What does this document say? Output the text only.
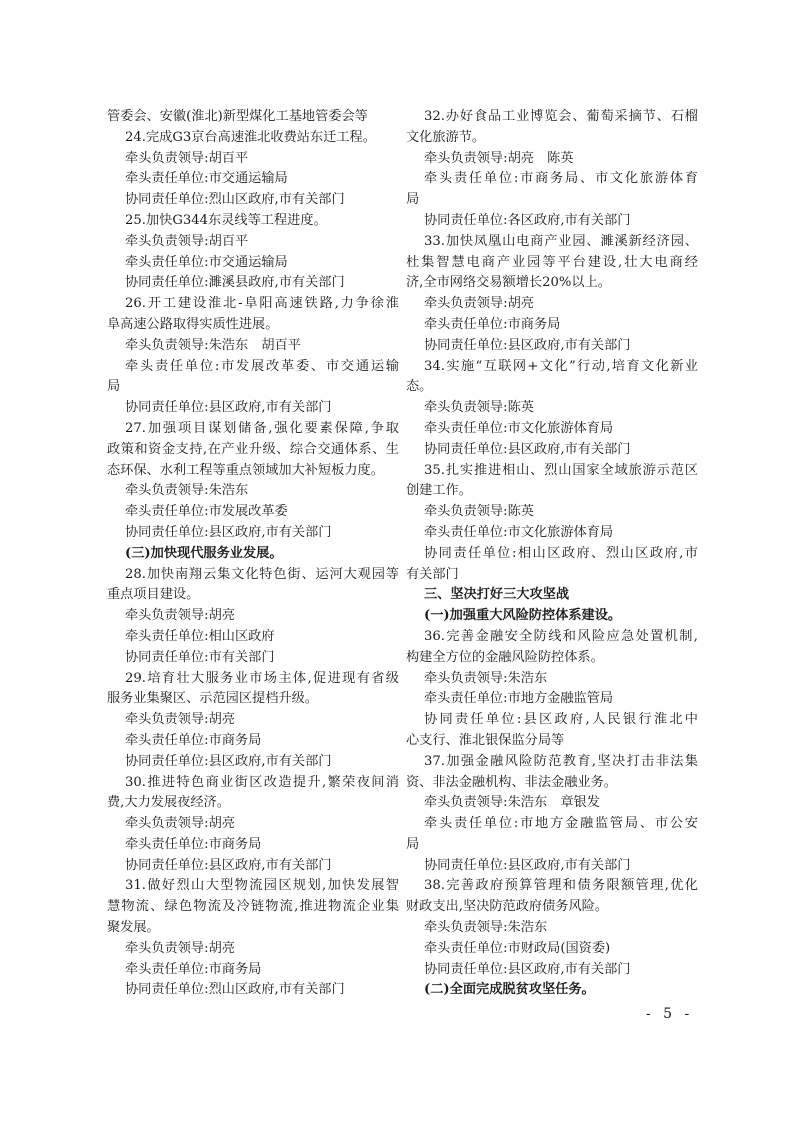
管委会、安徽(淮北)新型煤化工基地管委会等
24.完成G3京台高速淮北收费站东迁工程。
牵头负责领导:胡百平
牵头责任单位:市交通运输局
协同责任单位:烈山区政府,市有关部门
25.加快G344东灵线等工程进度。
牵头负责领导:胡百平
牵头责任单位:市交通运输局
协同责任单位:濉溪县政府,市有关部门
26.开工建设淮北-阜阳高速铁路,力争徐淮
阜高速公路取得实质性进展。
牵头负责领导:朱浩东　胡百平
牵头责任单位:市发展改革委、市交通运输
局
协同责任单位:县区政府,市有关部门
27.加强项目谋划储备,强化要素保障,争取
政策和资金支持,在产业升级、综合交通体系、生
态环保、水利工程等重点领域加大补短板力度。
牵头负责领导:朱浩东
牵头责任单位:市发展改革委
协同责任单位:县区政府,市有关部门
(三)加快现代服务业发展。
28.加快南翔云集文化特色街、运河大观园等
重点项目建设。
牵头负责领导:胡亮
牵头责任单位:相山区政府
协同责任单位:市有关部门
29.培育壮大服务业市场主体,促进现有省级
服务业集聚区、示范园区提档升级。
牵头负责领导:胡亮
牵头责任单位:市商务局
协同责任单位:县区政府,市有关部门
30.推进特色商业街区改造提升,繁荣夜间消
费,大力发展夜经济。
牵头负责领导:胡亮
牵头责任单位:市商务局
协同责任单位:县区政府,市有关部门
31.做好烈山大型物流园区规划,加快发展智
慧物流、绿色物流及冷链物流,推进物流企业集
聚发展。
牵头负责领导:胡亮
牵头责任单位:市商务局
协同责任单位:烈山区政府,市有关部门
32.办好食品工业博览会、葡萄采摘节、石榴
文化旅游节。
牵头负责领导:胡亮　陈英
牵头责任单位:市商务局、市文化旅游体育
局
协同责任单位:各区政府,市有关部门
33.加快凤凰山电商产业园、濉溪新经济园、
杜集智慧电商产业园等平台建设,壮大电商经
济,全市网络交易额增长20%以上。
牵头负责领导:胡亮
牵头责任单位:市商务局
协同责任单位:县区政府,市有关部门
34.实施“互联网+文化”行动,培育文化新业
态。
牵头负责领导:陈英
牵头责任单位:市文化旅游体育局
协同责任单位:县区政府,市有关部门
35.扎实推进相山、烈山国家全域旅游示范区
创建工作。
牵头负责领导:陈英
牵头责任单位:市文化旅游体育局
协同责任单位:相山区政府、烈山区政府,市
有关部门
三、坚决打好三大攻坚战
(一)加强重大风险防控体系建设。
36.完善金融安全防线和风险应急处置机制,
构建全方位的金融风险防控体系。
牵头负责领导:朱浩东
牵头责任单位:市地方金融监管局
协同责任单位:县区政府,人民银行淮北中
心支行、淮北银保监分局等
37.加强金融风险防范教育,坚决打击非法集
资、非法金融机构、非法金融业务。
牵头负责领导:朱浩东　章银发
牵头责任单位:市地方金融监管局、市公安
局
协同责任单位:县区政府,市有关部门
38.完善政府预算管理和债务限额管理,优化
财政支出,坚决防范政府债务风险。
牵头负责领导:朱浩东
牵头责任单位:市财政局(国资委)
协同责任单位:县区政府,市有关部门
(二)全面完成脱贫攻坚任务。
- 5 -
